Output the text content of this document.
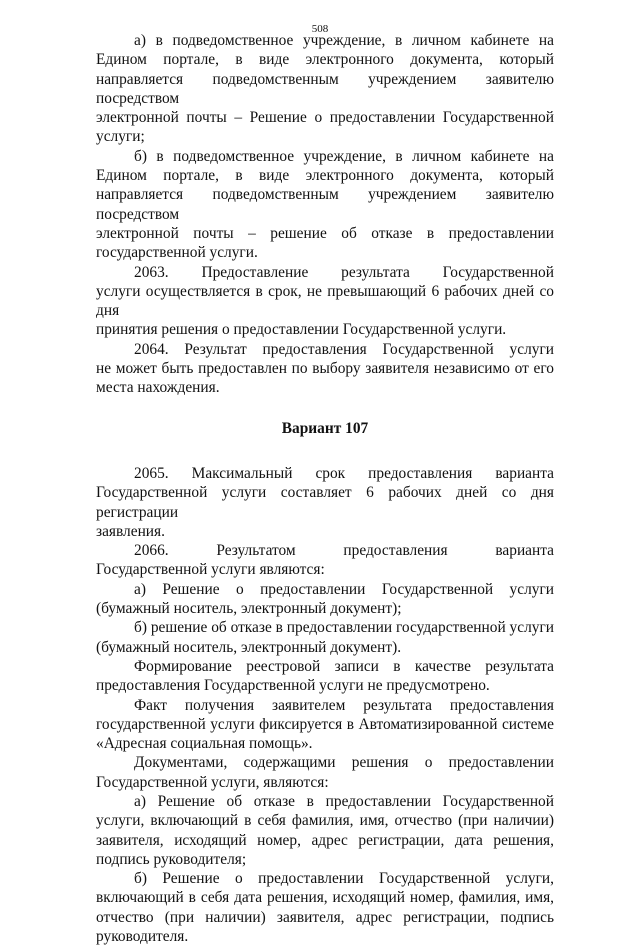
508
а) в подведомственное учреждение, в личном кабинете на
Едином портале, в виде электронного документа, который
направляется подведомственным учреждением заявителю посредством
электронной почты – Решение о предоставлении Государственной
услуги;
б) в подведомственное учреждение, в личном кабинете на
Едином портале, в виде электронного документа, который
направляется подведомственным учреждением заявителю посредством
электронной почты – решение об отказе в предоставлении
государственной услуги.
2063. Предоставление результата Государственной
услуги осуществляется в срок, не превышающий 6 рабочих дней со дня
принятия решения о предоставлении Государственной услуги.
2064. Результат предоставления Государственной услуги
не может быть предоставлен по выбору заявителя независимо от его
места нахождения.
Вариант 107
2065. Максимальный срок предоставления варианта
Государственной услуги составляет 6 рабочих дней со дня регистрации
заявления.
2066. Результатом предоставления варианта
Государственной услуги являются:
а) Решение о предоставлении Государственной услуги
(бумажный носитель, электронный документ);
б) решение об отказе в предоставлении государственной услуги
(бумажный носитель, электронный документ).
Формирование реестровой записи в качестве результата
предоставления Государственной услуги не предусмотрено.
Факт получения заявителем результата предоставления
государственной услуги фиксируется в Автоматизированной системе
«Адресная социальная помощь».
Документами, содержащими решения о предоставлении
Государственной услуги, являются:
а) Решение об отказе в предоставлении Государственной
услуги, включающий в себя фамилия, имя, отчество (при наличии)
заявителя, исходящий номер, адрес регистрации, дата решения,
подпись руководителя;
б) Решение о предоставлении Государственной услуги,
включающий в себя дата решения, исходящий номер, фамилия, имя,
отчество (при наличии) заявителя, адрес регистрации, подпись
руководителя.
